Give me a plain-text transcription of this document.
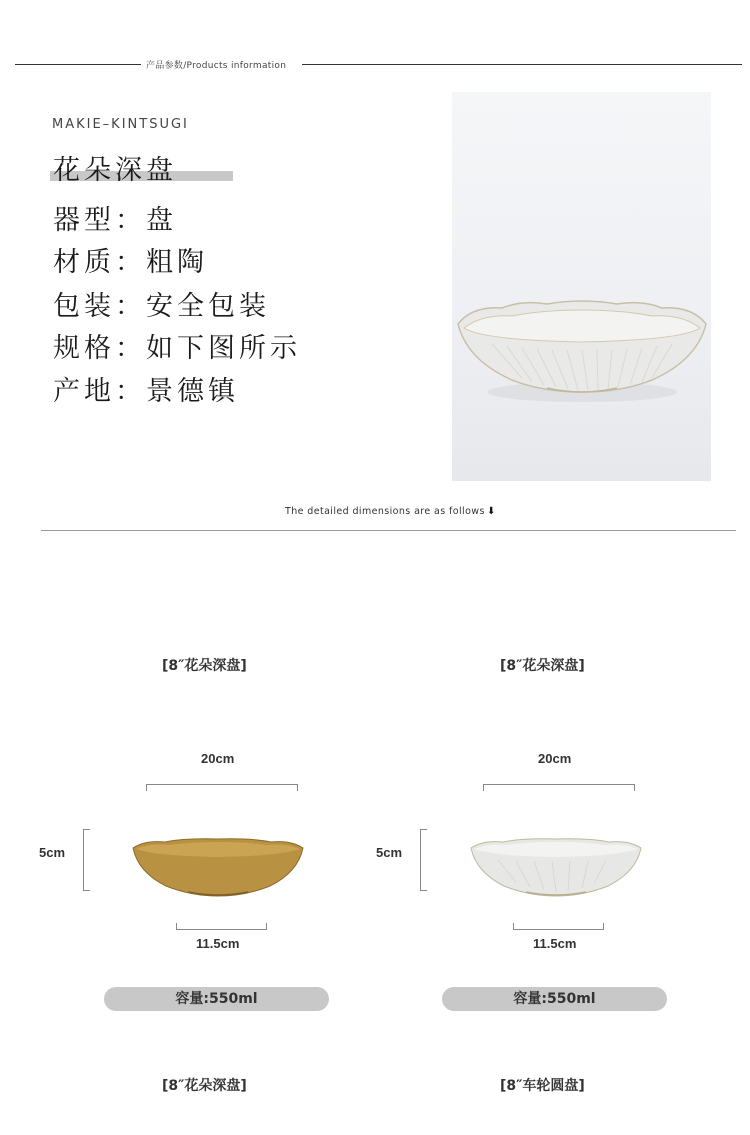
产品参数/Products information
MAKIE–KINTSUGI
花朵深盘
器型：盘
材质：粗陶
包装：安全包装
规格：如下图所示
产地：景德镇
The detailed dimensions are as follows ⬇
[8″花朵深盘]
20cm
5cm
11.5cm
容量:550ml
[8″花朵深盘]
20cm
5cm
11.5cm
容量:550ml
[8″花朵深盘]	[8″车轮圆盘]
